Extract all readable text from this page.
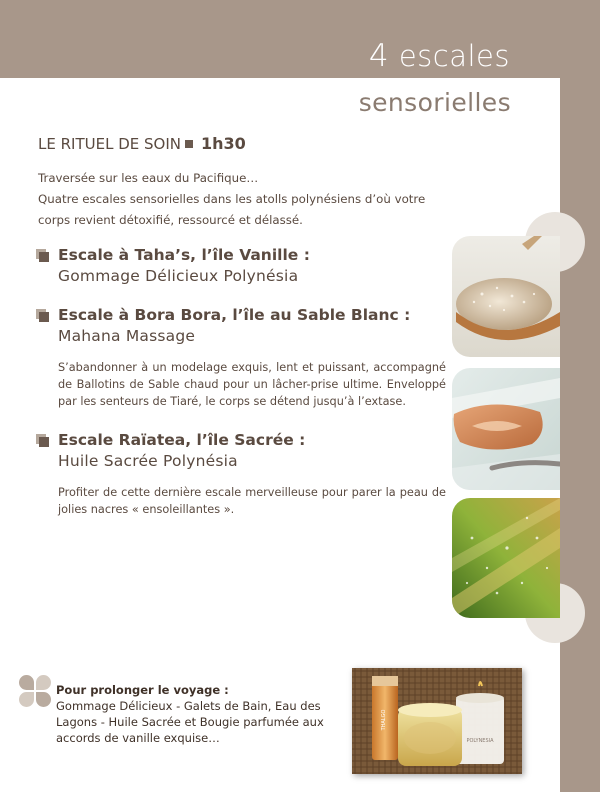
4 escales
sensorielles
LE RITUEL DE SOIN 1h30
Traversée sur les eaux du Pacifique…
Quatre escales sensorielles dans les atolls polynésiens d’où votre
corps revient détoxifié, ressourcé et délassé.
Escale à Taha’s, l’île Vanille :
Gommage Délicieux Polynésia
Escale à Bora Bora, l’île au Sable Blanc :
Mahana Massage
S’abandonner à un modelage exquis, lent et puissant, accompagné de Ballotins de Sable chaud pour un lâcher-prise ultime. Enveloppé par les senteurs de Tiaré, le corps se détend jusqu’à l’extase.
Escale Raïatea, l’île Sacrée :
Huile Sacrée Polynésia
Profiter de cette dernière escale merveilleuse pour parer la peau de jolies nacres « ensoleillantes ».
Pour prolonger le voyage :
Gommage Délicieux - Galets de Bain, Eau des Lagons - Huile Sacrée et Bougie parfumée aux accords de vanille exquise…
THALGO
POLYNESIA
